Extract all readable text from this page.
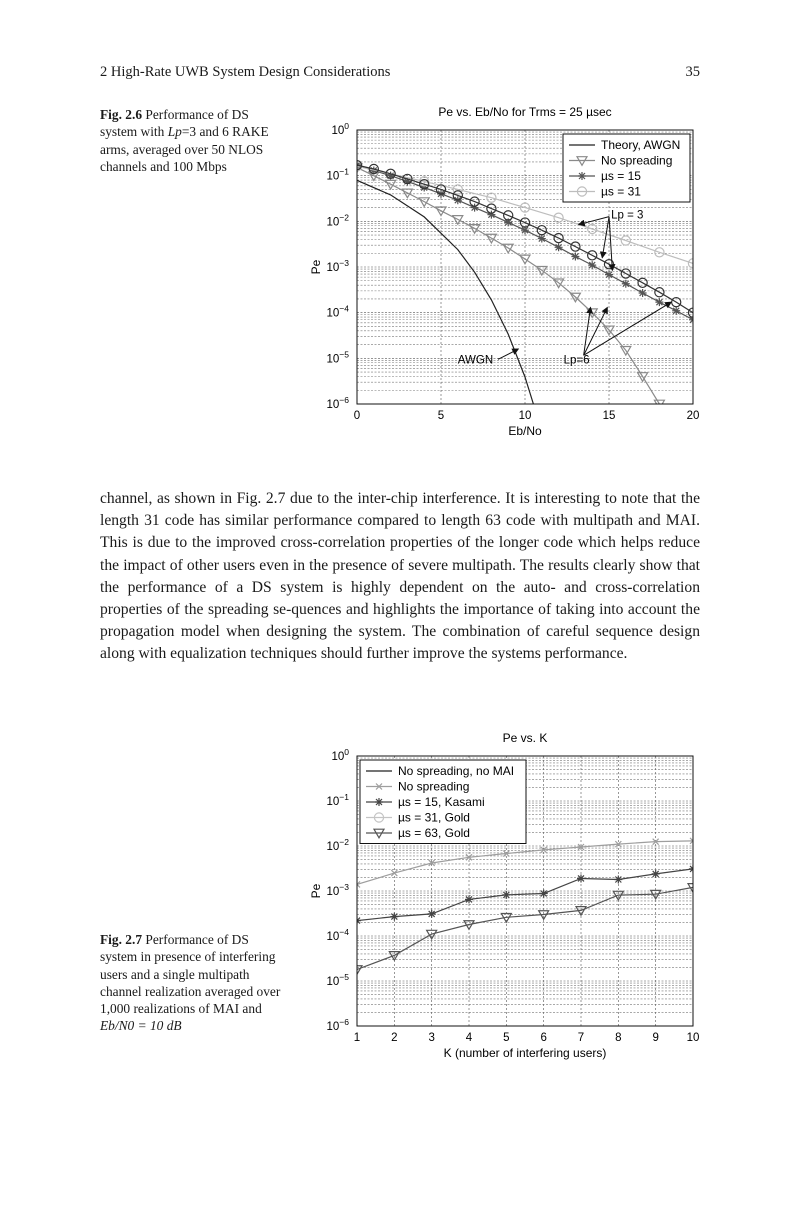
2 High-Rate UWB System Design Considerations	35
Fig. 2.6 Performance of DS system with Lp=3 and 6 RAKE arms, averaged over 50 NLOS channels and 100 Mbps
$10^0$
$10^{-1}$
$10^{-2}$
$10^{-3}$
$10^{-4}$
$10^{-5}$
$10^{-6}$
0	5	10	15	20
Pe vs. Eb/No for Trms = 25 µsec
Eb/No
Pe
Theory, AWGN
No spreading
µs = 15
µs = 31
Lp = 3
AWGN	Lp=6

channel, as shown in Fig. 2.7 due to the inter-chip interference. It is interesting to note that the length 31 code has similar performance compared to length 63 code with multipath and MAI. This is due to the improved cross-correlation properties of the longer code which helps reduce the impact of other users even in the presence of severe multipath. The results clearly show that the performance of a DS system is highly dependent on the auto- and cross-correlation properties of the spreading se-quences and highlights the importance of taking into account the propagation model when designing the system. The combination of careful sequence design along with equalization techniques should further improve the systems performance.

$10^0$
$10^{-1}$
$10^{-2}$
$10^{-3}$
$10^{-4}$
$10^{-5}$
$10^{-6}$
1	2	3	4	5	6	7	8	9 10
Pe vs. K
K (number of interfering users)
Pe
No spreading, no MAI
No spreading
µs = 15, Kasami
µs = 31, Gold
µs = 63, Gold
Fig. 2.7 Performance of DS system in presence of interfering users and a single multipath channel realization averaged over 1,000 realizations of MAI and Eb/N0 = 10 dB
